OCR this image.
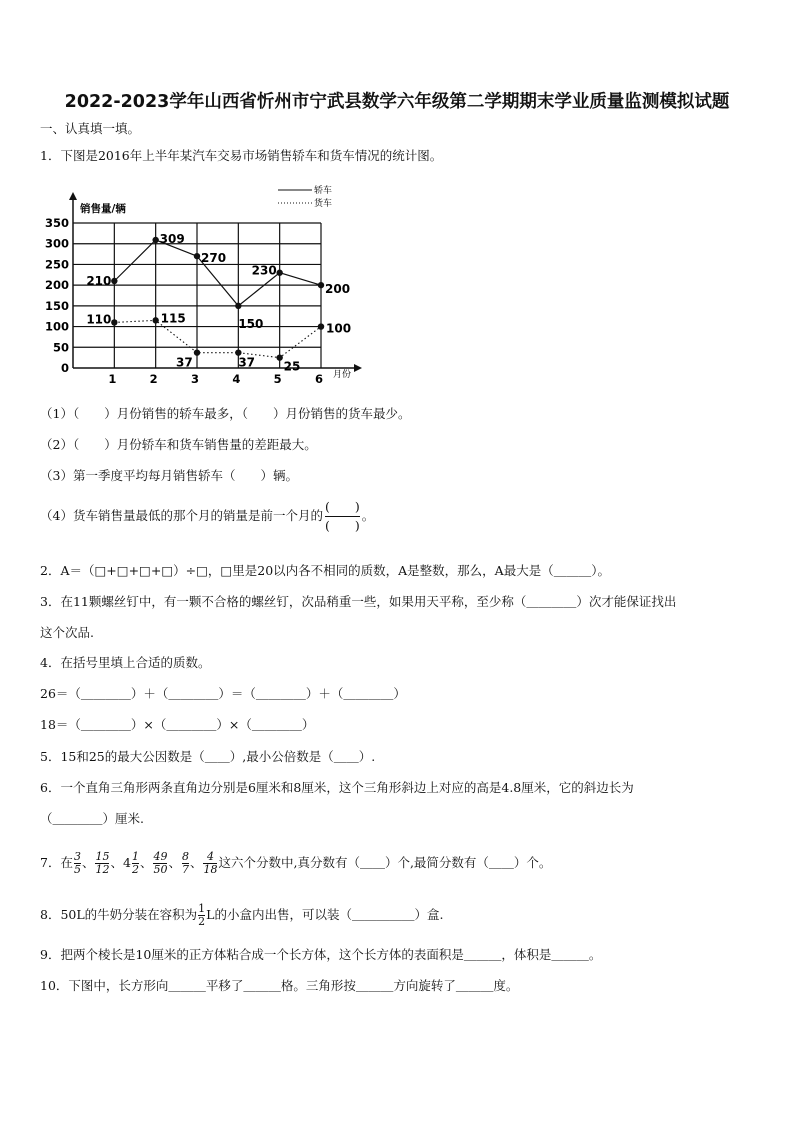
2022-2023学年山西省忻州市宁武县数学六年级第二学期期末学业质量监测模拟试题
一、认真填一填。
1．下图是2016年上半年某汽车交易市场销售轿车和货车情况的统计图。
0
50
100
150
200
250
300
350
1	2	3	4	5	6
210
309
270
150
230
200
110	115
37	37 25
100
销售量/辆
月份
轿车
货车
（1）（　　）月份销售的轿车最多，（　　）月份销售的货车最少。
（2）（　　）月份轿车和货车销售量的差距最大。
（3）第一季度平均每月销售轿车（　　）辆。
（4）货车销售量最低的那个月的销量是前一个月的
(　　)
(　　)
。
2．A＝（□+□+□+□）÷□，□里是20以内各不相同的质数，A是整数，那么，A最大是（＿＿＿）。
3．在11颗螺丝钉中，有一颗不合格的螺丝钉，次品稍重一些，如果用天平称，至少称（＿＿＿＿）次才能保证找出
这个次品.
4．在括号里填上合适的质数。
26＝（＿＿＿＿）＋（＿＿＿＿）＝（＿＿＿＿）＋（＿＿＿＿）
18＝（＿＿＿＿）×（＿＿＿＿）×（＿＿＿＿）
5．15和25的最大公因数是（＿＿）,最小公倍数是（＿＿）.
6．一个直角三角形两条直角边分别是6厘米和8厘米，这个三角形斜边上对应的高是4.8厘米，它的斜边长为
（＿＿＿＿）厘米.
7．在 $\frac{3}{5}$ 、 $\frac{15}{12}$ 、$4 \frac{1}{2}$ 、 $\frac{49}{50}$ 、 $\frac{8}{7}$ 、 $\frac{4}{18}$ 这六个分数中,真分数有（＿＿）个,最简分数有（＿＿）个。
8．50L的牛奶分装在容积为 $\frac{1}{2}$ L的小盒内出售，可以装（＿＿＿＿＿）盒.
9．把两个棱长是10厘米的正方体粘合成一个长方体，这个长方体的表面积是＿＿＿，体积是＿＿＿。
10．下图中，长方形向＿＿＿平移了＿＿＿格。三角形按＿＿＿方向旋转了＿＿＿度。
